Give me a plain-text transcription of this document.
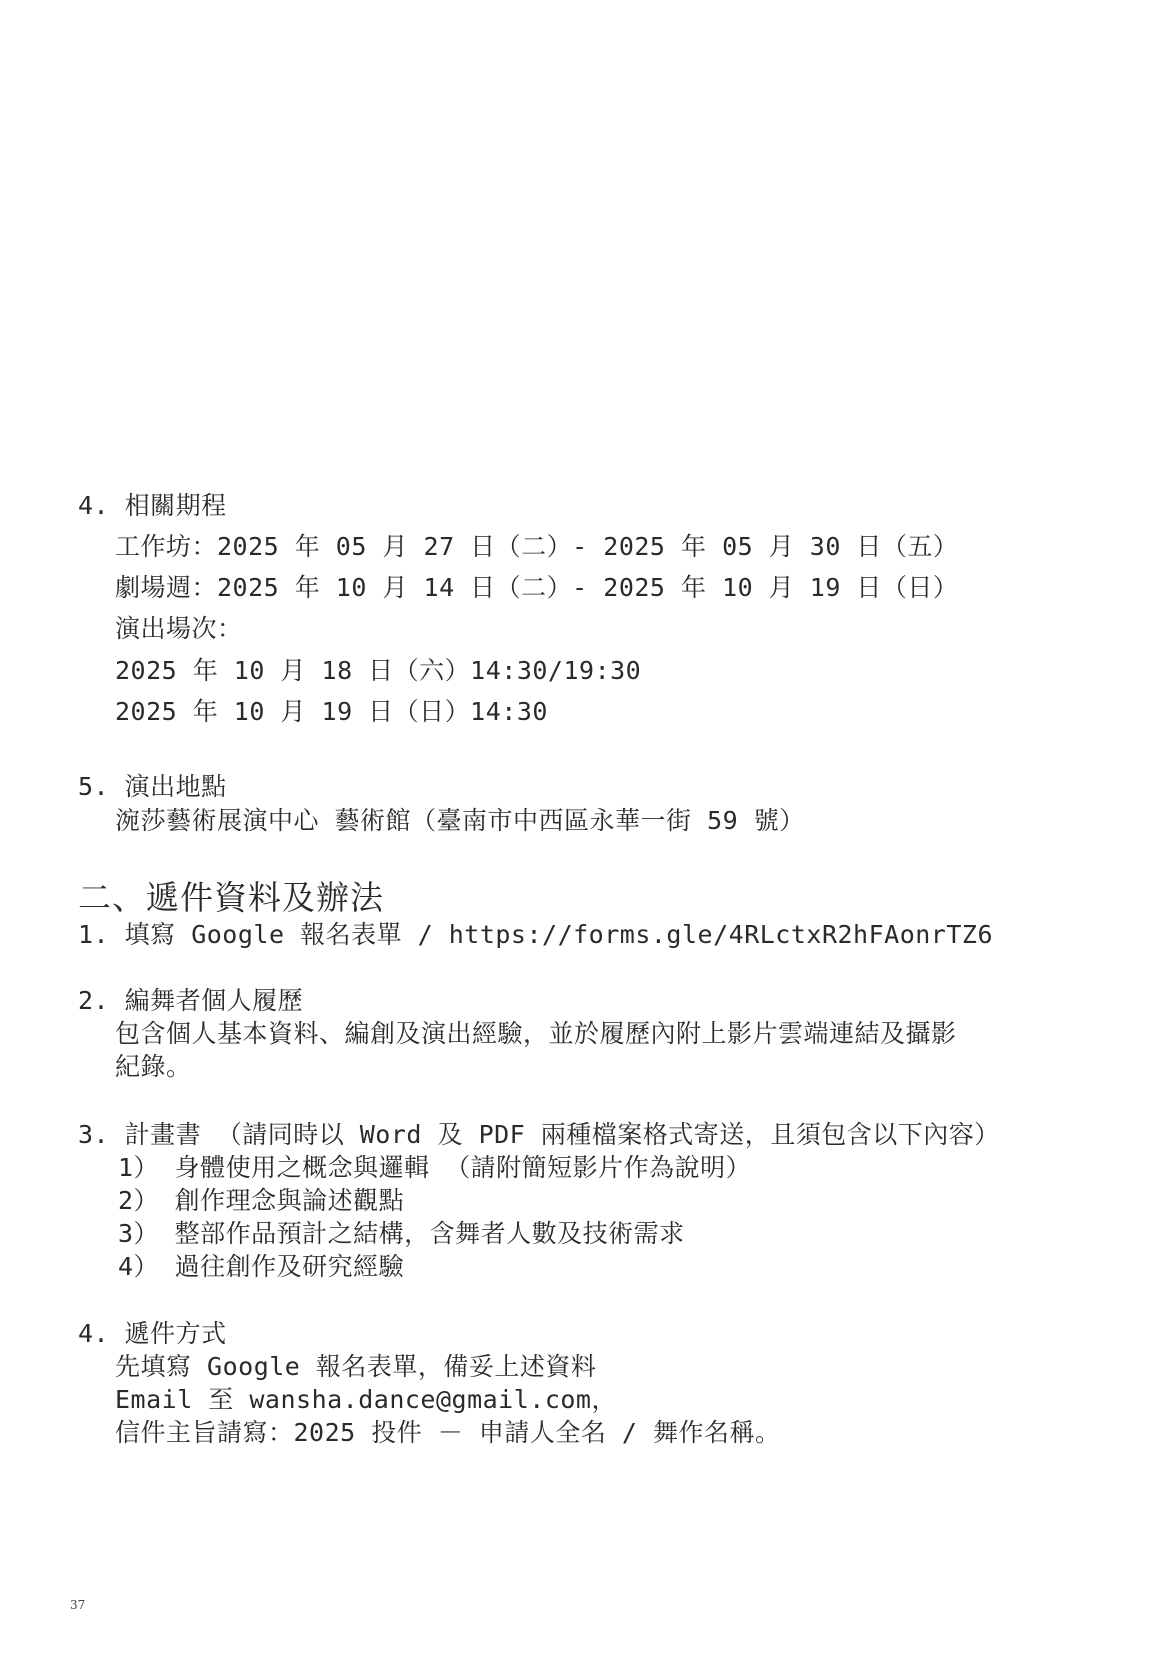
4. 相關期程
工作坊：2025 年 05 月 27 日（二）- 2025 年 05 月 30 日（五）
劇場週：2025 年 10 月 14 日（二）- 2025 年 10 月 19 日（日）
演出場次：
2025 年 10 月 18 日（六）14:30/19:30
2025 年 10 月 19 日（日）14:30
5. 演出地點
涴莎藝術展演中心 藝術館（臺南市中西區永華一街 59 號）
二、遞件資料及辦法
1. 填寫 Google 報名表單 / https://forms.gle/4RLctxR2hFAonrTZ6
2. 編舞者個人履歷
包含個人基本資料、編創及演出經驗，並於履歷內附上影片雲端連結及攝影
紀錄。
3. 計畫書 （請同時以 Word 及 PDF 兩種檔案格式寄送，且須包含以下內容）
1） 身體使用之概念與邏輯 （請附簡短影片作為說明）
2） 創作理念與論述觀點
3） 整部作品預計之結構，含舞者人數及技術需求
4） 過往創作及研究經驗
4. 遞件方式
先填寫 Google 報名表單，備妥上述資料
Email 至 wansha.dance@gmail.com，
信件主旨請寫：2025 投件 － 申請人全名 / 舞作名稱。
37
